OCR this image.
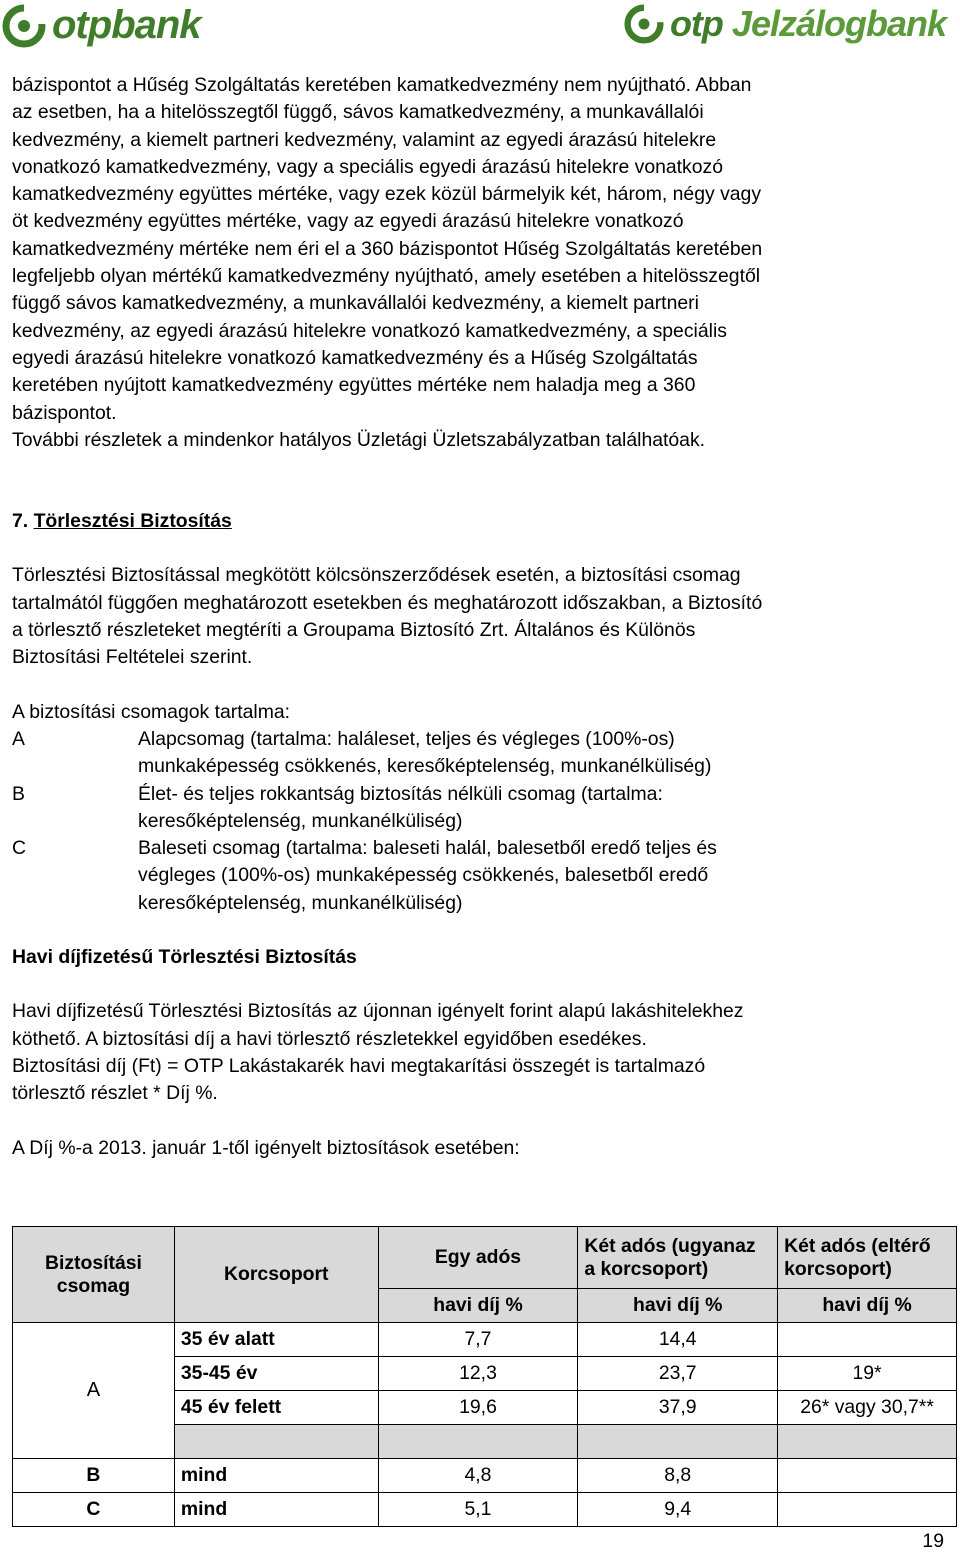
otpbank	otp Jelzálogbank

bázispontot a Hűség Szolgáltatás keretében kamatkedvezmény nem nyújtható. Abban

az esetben, ha a hitelösszegtől függő, sávos kamatkedvezmény, a munkavállalói

kedvezmény, a kiemelt partneri kedvezmény, valamint az egyedi árazású hitelekre

vonatkozó kamatkedvezmény, vagy a speciális egyedi árazású hitelekre vonatkozó

kamatkedvezmény együttes mértéke, vagy ezek közül bármelyik két, három, négy vagy

öt kedvezmény együttes mértéke, vagy az egyedi árazású hitelekre vonatkozó

kamatkedvezmény mértéke nem éri el a 360 bázispontot Hűség Szolgáltatás keretében

legfeljebb olyan mértékű kamatkedvezmény nyújtható, amely esetében a hitelösszegtől

függő sávos kamatkedvezmény, a munkavállalói kedvezmény, a kiemelt partneri

kedvezmény, az egyedi árazású hitelekre vonatkozó kamatkedvezmény, a speciális

egyedi árazású hitelekre vonatkozó kamatkedvezmény és a Hűség Szolgáltatás

keretében nyújtott kamatkedvezmény együttes mértéke nem haladja meg a 360

bázispontot.

További részletek a mindenkor hatályos Üzletági Üzletszabályzatban találhatóak.

7. Törlesztési Biztosítás

Törlesztési Biztosítással megkötött kölcsönszerződések esetén, a biztosítási csomag

tartalmától függően meghatározott esetekben és meghatározott időszakban, a Biztosító

a törlesztő részleteket megtéríti a Groupama Biztosító Zrt. Általános és Különös

Biztosítási Feltételei szerint.

A biztosítási csomagok tartalma:

A	Alapcsomag (tartalma: haláleset, teljes és végleges (100%-os)

munkaképesség csökkenés, keresőképtelenség, munkanélküliség)

B	Élet- és teljes rokkantság biztosítás nélküli csomag (tartalma:

keresőképtelenség, munkanélküliség)

C	Baleseti csomag (tartalma: baleseti halál, balesetből eredő teljes és

végleges (100%-os) munkaképesség csökkenés, balesetből eredő

keresőképtelenség, munkanélküliség)

Havi díjfizetésű Törlesztési Biztosítás

Havi díjfizetésű Törlesztési Biztosítás az újonnan igényelt forint alapú lakáshitelekhez

köthető. A biztosítási díj a havi törlesztő részletekkel egyidőben esedékes.

Biztosítási díj (Ft) = OTP Lakástakarék havi megtakarítási összegét is tartalmazó

törlesztő részlet * Díj %.

A Díj %-a 2013. január 1-től igényelt biztosítások esetében:

Biztosítási csomag	Korcsoport	Egy adós	Két adós (ugyanaz a korcsoport)	Két adós (eltérő korcsoport)
		havi díj %	havi díj %	havi díj %
A	35 év alatt	7,7	14,4	
	35-45 év	12,3	23,7	19*
	45 év felett	19,6	37,9	26* vagy 30,7**

B	mind	4,8	8,8	
C	mind	5,1	9,4	
19
